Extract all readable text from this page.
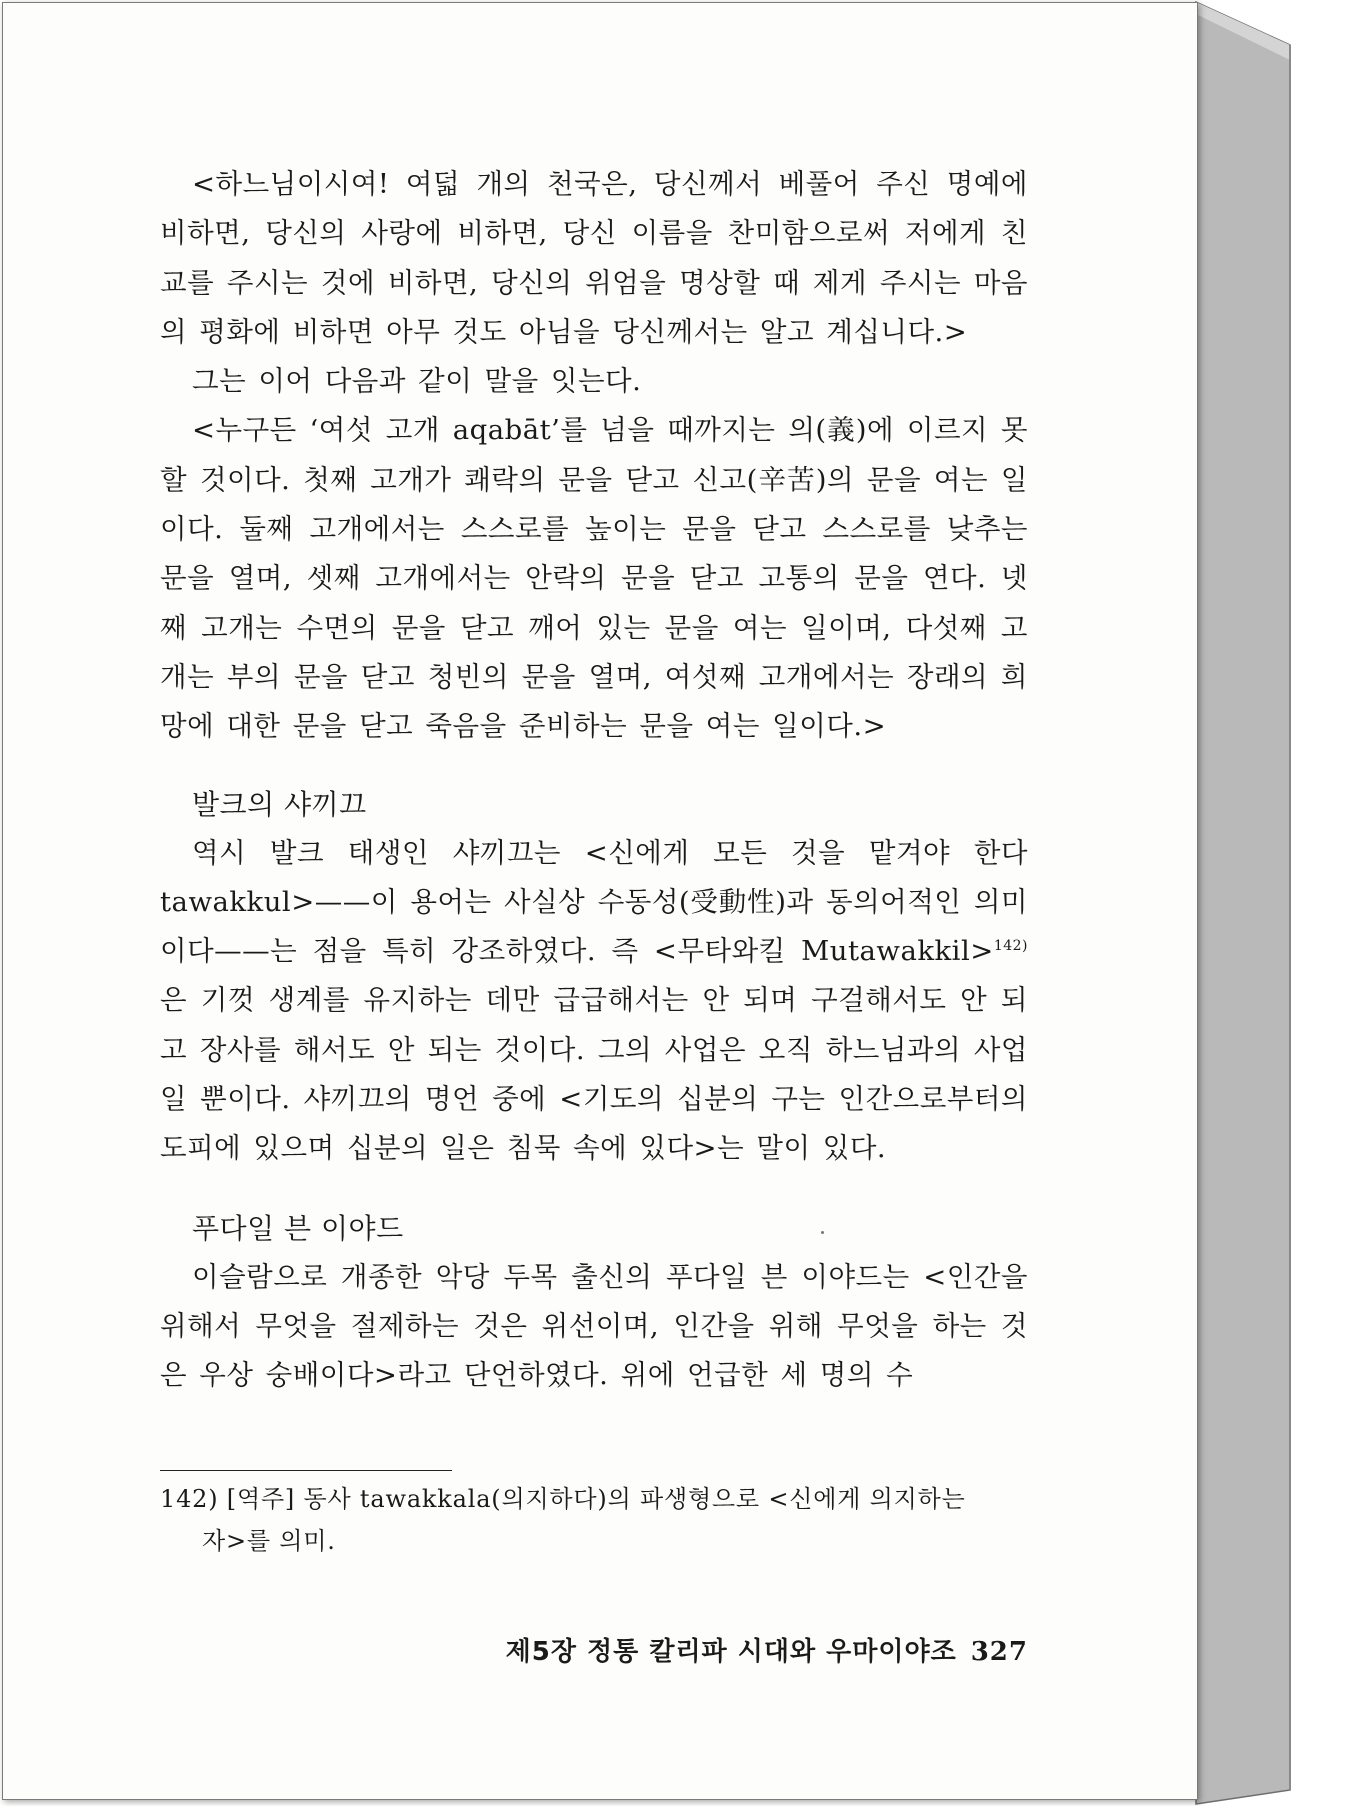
<하느님이시여! 여덟 개의 천국은, 당신께서 베풀어 주신 명예에 비하면, 당신의 사랑에 비하면, 당신 이름을 찬미함으로써 저에게 친교를 주시는 것에 비하면, 당신의 위엄을 명상할 때 제게 주시는 마음의 평화에 비하면 아무 것도 아님을 당신께서는 알고 계십니다.>

그는 이어 다음과 같이 말을 잇는다.

<누구든 ‘여섯 고개 aqabāt’를 넘을 때까지는 의(義)에 이르지 못할 것이다. 첫째 고개가 쾌락의 문을 닫고 신고(辛苦)의 문을 여는 일이다. 둘째 고개에서는 스스로를 높이는 문을 닫고 스스로를 낮추는 문을 열며, 셋째 고개에서는 안락의 문을 닫고 고통의 문을 연다. 넷째 고개는 수면의 문을 닫고 깨어 있는 문을 여는 일이며, 다섯째 고개는 부의 문을 닫고 청빈의 문을 열며, 여섯째 고개에서는 장래의 희망에 대한 문을 닫고 죽음을 준비하는 문을 여는 일이다.>

발크의 샤끼끄

역시 발크 태생인 샤끼끄는 <신에게 모든 것을 맡겨야 한다 tawakkul>——이 용어는 사실상 수동성(受動性)과 동의어적인 의미이다——는 점을 특히 강조하였다. 즉 <무타와킬 Mutawakkil>$^{142)}$ 은 기껏 생계를 유지하는 데만 급급해서는 안 되며 구걸해서도 안 되고 장사를 해서도 안 되는 것이다. 그의 사업은 오직 하느님과의 사업일 뿐이다. 샤끼끄의 명언 중에 <기도의 십분의 구는 인간으로부터의 도피에 있으며 십분의 일은 침묵 속에 있다>는 말이 있다.

푸다일 븐 이야드

이슬람으로 개종한 악당 두목 출신의 푸다일 븐 이야드는 <인간을 위해서 무엇을 절제하는 것은 위선이며, 인간을 위해 무엇을 하는 것은 우상 숭배이다>라고 단언하였다. 위에 언급한 세 명의 수

142) [역주] 동사 tawakkala(의지하다)의 파생형으로 <신에게 의지하는
자>를 의미.
제5장 정통 칼리파 시대와 우마이야조 327
